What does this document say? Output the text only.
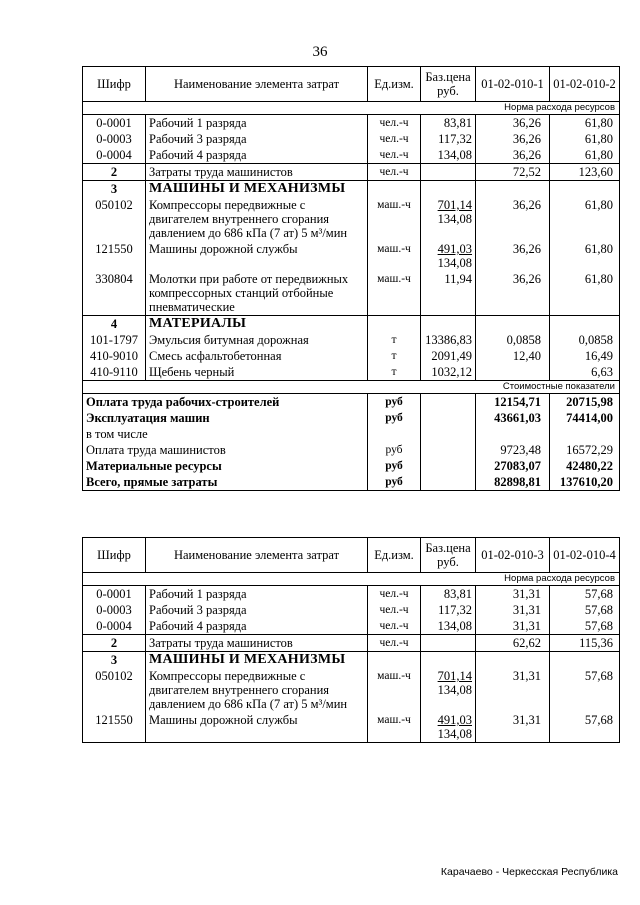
36
Шифр	Наименование элемента затрат	Ед.изм.	Баз.цена руб.	01-02-010-1	01-02-010-2
Норма расхода ресурсов					
0-0001	Рабочий 1 разряда	чел.-ч	83,81	36,26	61,80
0-0003	Рабочий 3 разряда	чел.-ч	117,32	36,26	61,80
0-0004	Рабочий 4 разряда	чел.-ч	134,08	36,26	61,80
2	Затраты труда машинистов	чел.-ч		72,52	123,60
3	МАШИНЫ И МЕХАНИЗМЫ				
050102	Компрессоры передвижные с
двигателем внутреннего сгорания
давлением до 686 кПа (7 ат) 5 м³/мин	маш.-ч	701,14
134,08	36,26	61,80
121550	Машины дорожной службы	маш.-ч	491,03
134,08	36,26	61,80
330804	Молотки при работе от передвижных
компрессорных станций отбойные
пневматические	маш.-ч	11,94	36,26	61,80
4	МАТЕРИАЛЫ				
101-1797	Эмульсия битумная дорожная	т	13386,83	0,0858	0,0858
410-9010	Смесь асфальтобетонная	т	2091,49	12,40	16,49
410-9110	Щебень черный	т	1032,12		6,63
Стоимостные показатели					
Оплата труда рабочих-строителей		руб		12154,71	20715,98
Эксплуатация машин		руб		43661,03	74414,00
в том числе					
Оплата труда машинистов		руб		9723,48	16572,29
Материальные ресурсы		руб		27083,07	42480,22
Всего, прямые затраты		руб		82898,81	137610,20
Шифр	Наименование элемента затрат	Ед.изм.	Баз.цена руб.	01-02-010-3	01-02-010-4
Норма расхода ресурсов					
0-0001	Рабочий 1 разряда	чел.-ч	83,81	31,31	57,68
0-0003	Рабочий 3 разряда	чел.-ч	117,32	31,31	57,68
0-0004	Рабочий 4 разряда	чел.-ч	134,08	31,31	57,68
2	Затраты труда машинистов	чел.-ч		62,62	115,36
3	МАШИНЫ И МЕХАНИЗМЫ				
050102	Компрессоры передвижные с
двигателем внутреннего сгорания
давлением до 686 кПа (7 ат) 5 м³/мин	маш.-ч	701,14
134,08	31,31	57,68
121550	Машины дорожной службы	маш.-ч	491,03
134,08	31,31	57,68
Карачаево - Черкесская Республика
